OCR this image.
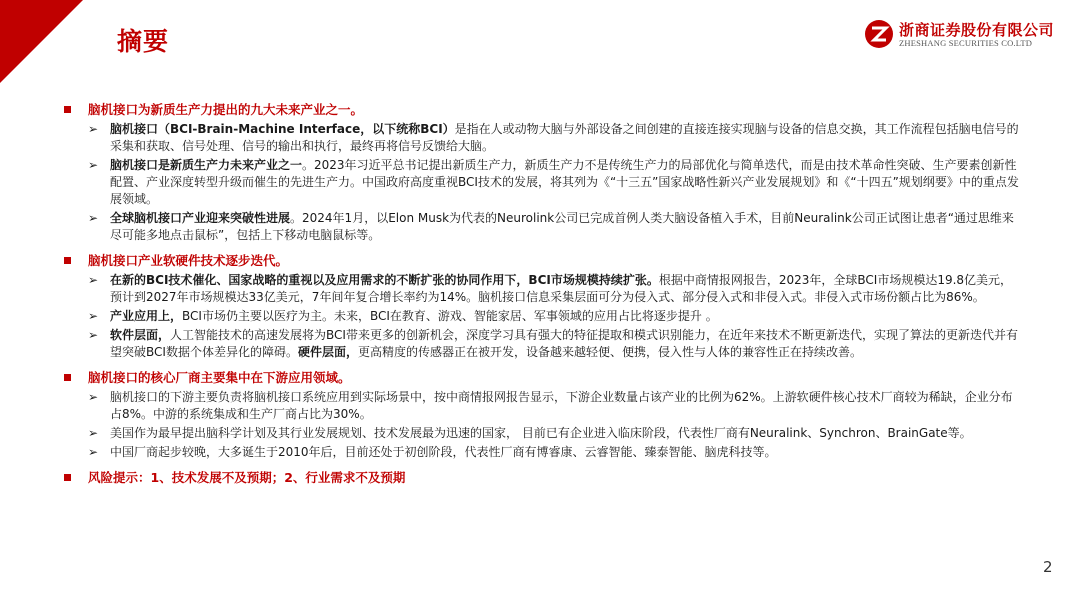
摘要	浙商证券股份有限公司
ZHESHANG SECURITIES CO.LTD
脑机接口为新质生产力提出的九大未来产业之一。
➢ 脑机接口（BCI-Brain-Machine Interface，以下统称BCI）是指在人或动物大脑与外部设备之间创建的直接连接实现脑与设备的信息交换，其工作流程包括脑电信号的采集和获取、信号处理、信号的输出和执行，最终再将信号反馈给大脑。
➢ 脑机接口是新质生产力未来产业之一。2023年习近平总书记提出新质生产力，新质生产力不是传统生产力的局部优化与简单迭代，而是由技术革命性突破、生产要素创新性配置、产业深度转型升级而催生的先进生产力。中国政府高度重视BCI技术的发展，将其列为《“十三五”国家战略性新兴产业发展规划》和《“十四五”规划纲要》中的重点发展领域。
➢ 全球脑机接口产业迎来突破性进展。2024年1月，以Elon Musk为代表的Neurolink公司已完成首例人类大脑设备植入手术，目前Neuralink公司正试图让患者“通过思维来尽可能多地点击鼠标”，包括上下移动电脑鼠标等。
脑机接口产业软硬件技术逐步迭代。
➢ 在新的BCI技术催化、国家战略的重视以及应用需求的不断扩张的协同作用下，BCI市场规模持续扩张。根据中商情报网报告，2023年，全球BCI市场规模达19.8亿美元，预计到2027年市场规模达33亿美元，7年间年复合增长率约为14%。脑机接口信息采集层面可分为侵入式、部分侵入式和非侵入式。非侵入式市场份额占比为86%。
➢ 产业应用上，BCI市场仍主要以医疗为主。未来，BCI在教育、游戏、智能家居、军事领域的应用占比将逐步提升 。
➢ 软件层面，人工智能技术的高速发展将为BCI带来更多的创新机会，深度学习具有强大的特征提取和模式识别能力，在近年来技术不断更新迭代，实现了算法的更新迭代并有望突破BCI数据个体差异化的障碍。硬件层面，更高精度的传感器正在被开发，设备越来越轻便、便携，侵入性与人体的兼容性正在持续改善。
脑机接口的核心厂商主要集中在下游应用领域。
➢ 脑机接口的下游主要负责将脑机接口系统应用到实际场景中，按中商情报网报告显示，下游企业数量占该产业的比例为62%。上游软硬件核心技术厂商较为稀缺，企业分布占8%。中游的系统集成和生产厂商占比为30%。
➢ 美国作为最早提出脑科学计划及其行业发展规划、技术发展最为迅速的国家， 目前已有企业进入临床阶段，代表性厂商有Neuralink、Synchron、BrainGate等。
➢ 中国厂商起步较晚，大多诞生于2010年后，目前还处于初创阶段，代表性厂商有博睿康、云睿智能、臻泰智能、脑虎科技等。
风险提示：1、技术发展不及预期；2、行业需求不及预期
2
